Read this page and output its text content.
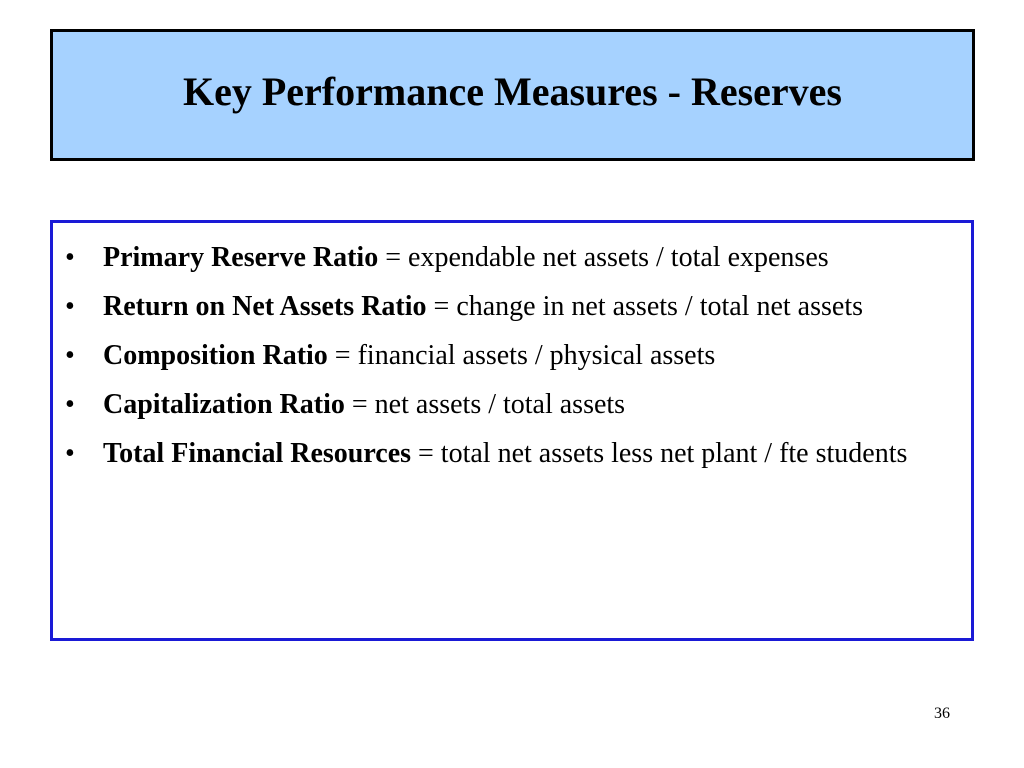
Key Performance Measures - Reserves
• Primary Reserve Ratio = expendable net assets / total expenses
• Return on Net Assets Ratio = change in net assets / total net assets
• Composition Ratio = financial assets / physical assets
• Capitalization Ratio = net assets / total assets
• Total Financial Resources = total net assets less net plant / fte students
36
